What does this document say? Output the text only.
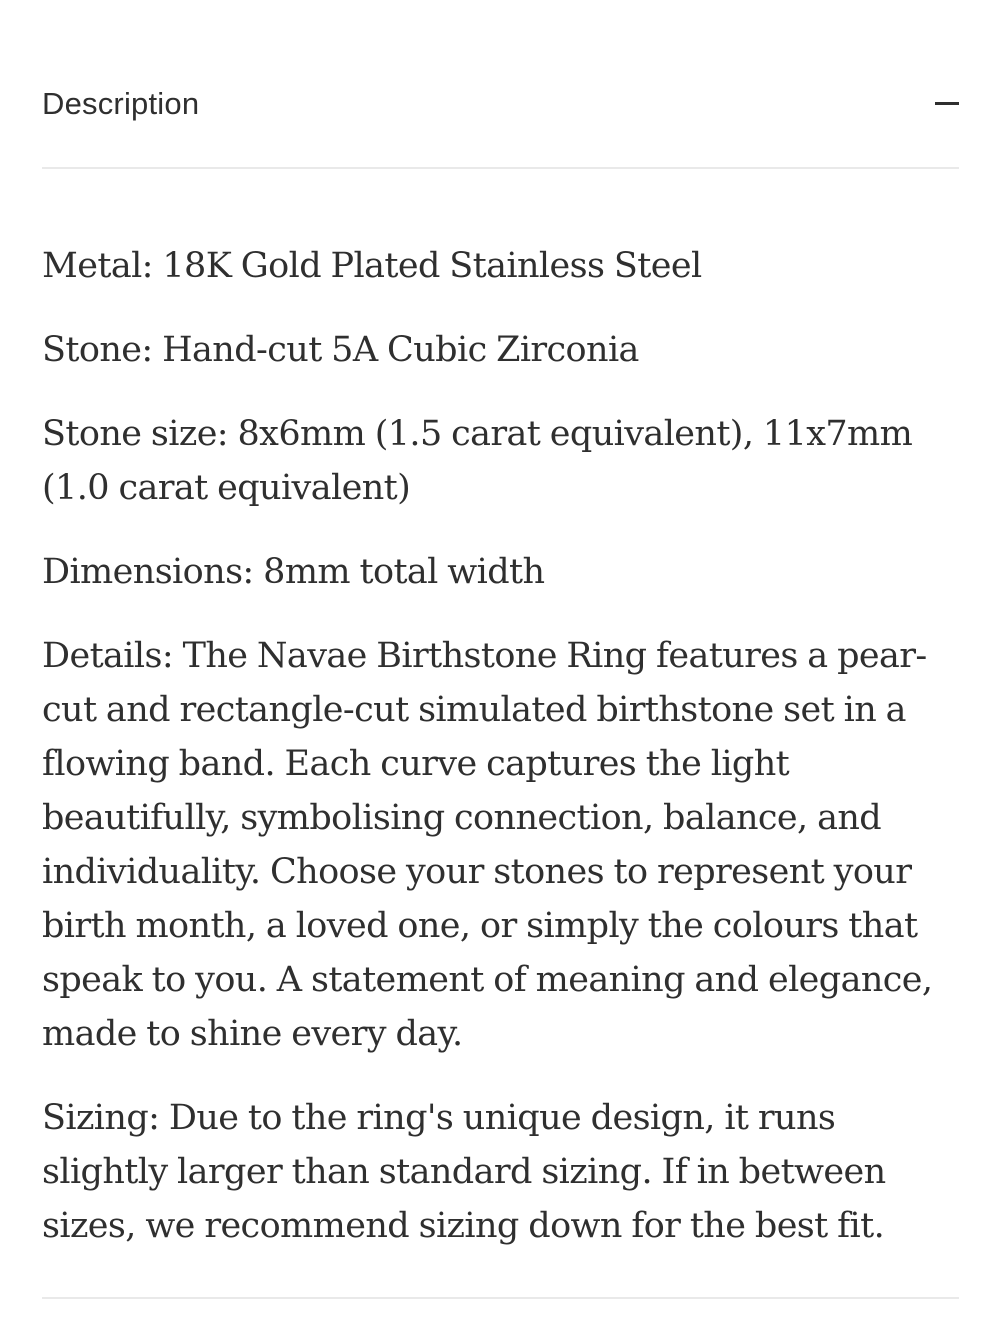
Description

Metal: 18K Gold Plated Stainless Steel

Stone: Hand-cut 5A Cubic Zirconia

Stone size: 8x6mm (1.5 carat equivalent), 11x7mm (1.0 carat equivalent)

Dimensions: 8mm total width

Details: The Navae Birthstone Ring features a pear-cut and rectangle-cut simulated birthstone set in a flowing band. Each curve captures the light beautifully, symbolising connection, balance, and individuality. Choose your stones to represent your birth month, a loved one, or simply the colours that speak to you. A statement of meaning and elegance, made to shine every day.

Sizing: Due to the ring's unique design, it runs slightly larger than standard sizing. If in between sizes, we recommend sizing down for the best fit.
